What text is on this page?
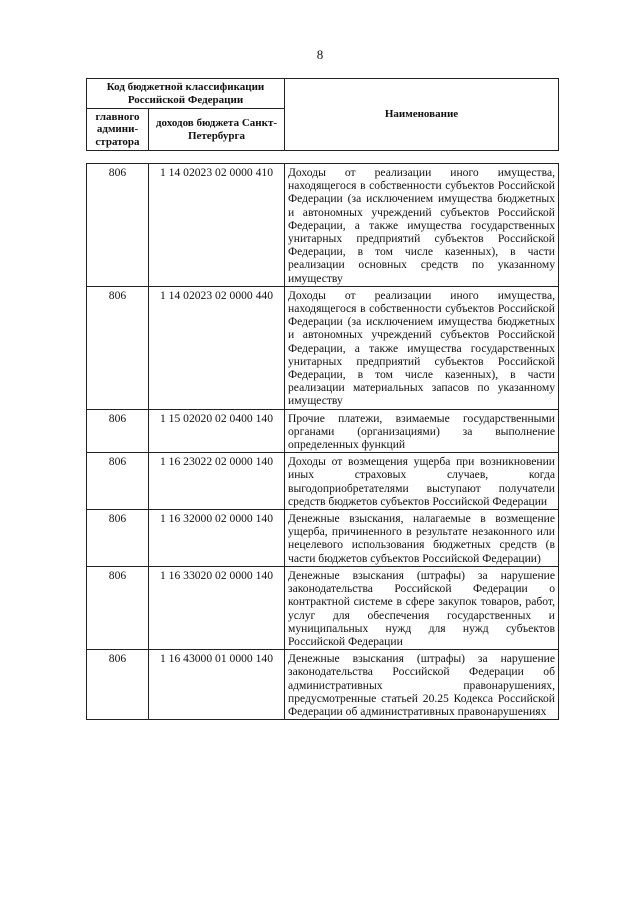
8
Код бюджетной классификации Российской Федерации		Наименование
главного админи-стратора	доходов бюджета Санкт-Петербурга	
806	1 14 02023 02 0000 410	Доходы от реализации иного имущества, находящегося в собственности субъектов Российской Федерации (за исключением имущества бюджетных и автономных учреждений субъектов Российской Федерации, а также имущества государственных унитарных предприятий субъектов Российской Федерации, в том числе казенных), в части реализации основных средств по указанному имуществу
806	1 14 02023 02 0000 440	Доходы от реализации иного имущества, находящегося в собственности субъектов Российской Федерации (за исключением имущества бюджетных и автономных учреждений субъектов Российской Федерации, а также имущества государственных унитарных предприятий субъектов Российской Федерации, в том числе казенных), в части реализации материальных запасов по указанному имуществу
806	1 15 02020 02 0400 140	Прочие платежи, взимаемые государственными органами (организациями) за выполнение определенных функций
806	1 16 23022 02 0000 140	Доходы от возмещения ущерба при возникновении иных страховых случаев, когда выгодоприобретателями выступают получатели средств бюджетов субъектов Российской Федерации
806	1 16 32000 02 0000 140	Денежные взыскания, налагаемые в возмещение ущерба, причиненного в результате незаконного или нецелевого использования бюджетных средств (в части бюджетов субъектов Российской Федерации)
806	1 16 33020 02 0000 140	Денежные взыскания (штрафы) за нарушение законодательства Российской Федерации о контрактной системе в сфере закупок товаров, работ, услуг для обеспечения государственных и муниципальных нужд для нужд субъектов Российской Федерации
806	1 16 43000 01 0000 140	Денежные взыскания (штрафы) за нарушение законодательства Российской Федерации об административных правонарушениях, предусмотренные статьей 20.25 Кодекса Российской Федерации об административных правонарушениях
